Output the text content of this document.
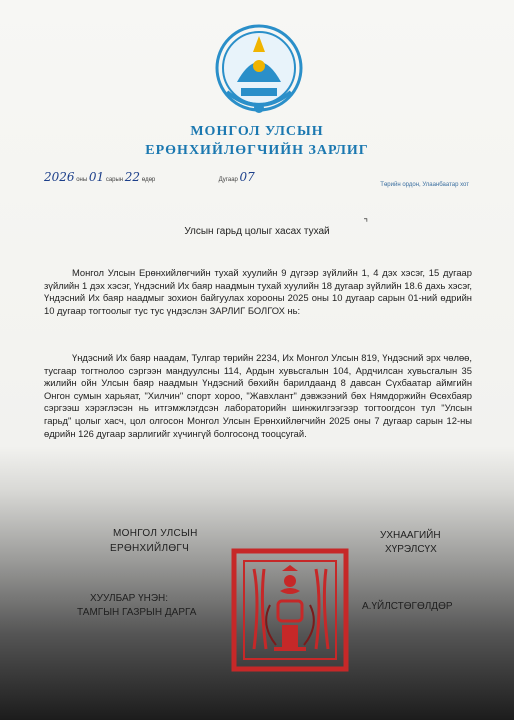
МОНГОЛ УЛСЫН
ЕРӨНХИЙЛӨГЧИЙН ЗАРЛИГ
2026 оны 01 сарын 22 өдөр	Дугаар 07
Төрийн ордон, Улаанбаатар хот
Улсын гарьд цолыг хасах тухай
⌝
Монгол Улсын Ерөнхийлөгчийн тухай хуулийн 9 дүгээр зүйлийн 1, 4 дэх хэсэг, 15 дугаар зүйлийн 1 дэх хэсэг, Үндэсний Их баяр наадмын тухай хуулийн 18 дугаар зүйлийн 18.6 дахь хэсэг, Үндэсний Их баяр наадмыг зохион байгуулах хорооны 2025 оны 10 дугаар сарын 01-ний өдрийн 10 дугаар тогтоолыг тус тус үндэслэн ЗАРЛИГ БОЛГОХ нь:
Үндэсний Их баяр наадам, Тулгар төрийн 2234, Их Монгол Улсын 819, Үндэсний эрх чөлөө, тусгаар тогтнолоо сэргээн мандуулсны 114, Ардын хувьсгалын 104, Ардчилсан хувьсгалын 35 жилийн ойн Улсын баяр наадмын Үндэсний бөхийн барилдаанд 8 давсан Сүхбаатар аймгийн Онгон сумын харьяат, "Хилчин" спорт хороо, "Жавхлант" дэвжээний бөх Нямдоржийн Өсөхбаяр сэргээш хэрэглэсэн нь итгэмжлэгдсэн лабораторийн шинжилгээгээр тогтоогдсон тул "Улсын гарьд" цолыг хасч, цол олгосон Монгол Улсын Ерөнхийлөгчийн 2025 оны 7 дугаар сарын 12-ны өдрийн 126 дугаар зарлигийг хүчингүй болгосонд тооцсугай.
МОНГОЛ УЛСЫН
ЕРӨНХИЙЛӨГЧ
УХНААГИЙН
ХҮРЭЛСҮХ
ХУУЛБАР ҮНЭН:
ТАМГЫН ГАЗРЫН ДАРГА
А.ҮЙЛСТӨГӨЛДӨР
